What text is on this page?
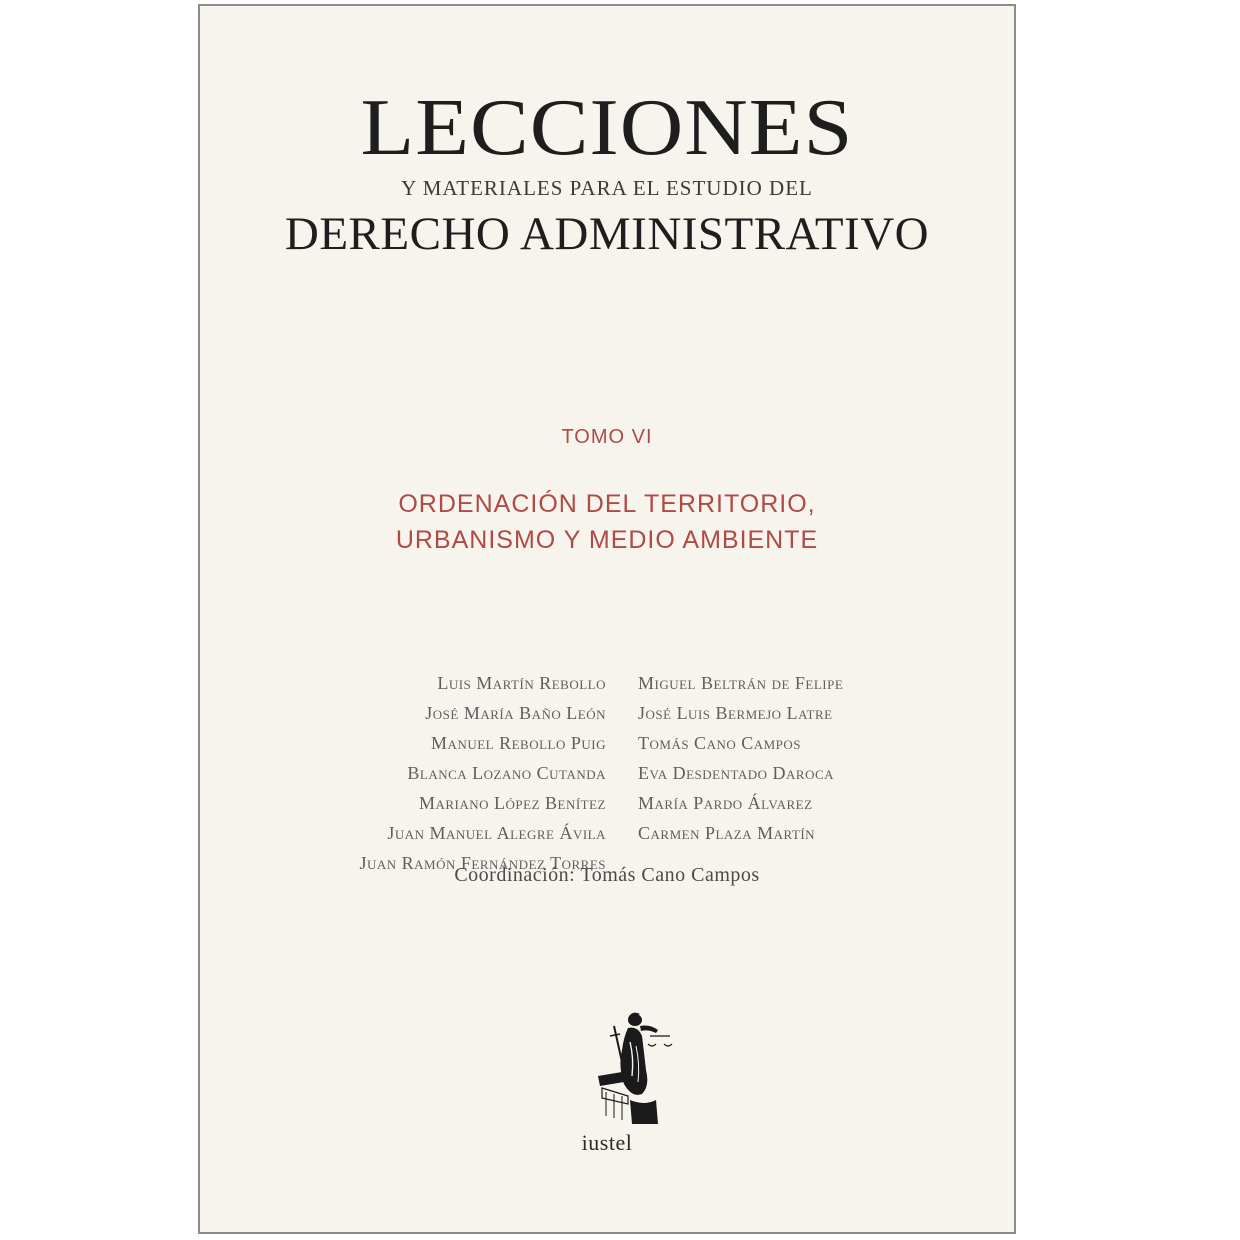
LECCIONES
Y MATERIALES PARA EL ESTUDIO DEL
DERECHO ADMINISTRATIVO
TOMO VI
ORDENACIÓN DEL TERRITORIO,
URBANISMO Y MEDIO AMBIENTE
Luis Martín Rebollo
José María Baño León
Manuel Rebollo Puig
Blanca Lozano Cutanda
Mariano López Benítez
Juan Manuel Alegre Ávila
Juan Ramón Fernández Torres
Miguel Beltrán de Felipe
José Luis Bermejo Latre
Tomás Cano Campos
Eva Desdentado Daroca
María Pardo Álvarez
Carmen Plaza Martín
Coordinación: Tomás Cano Campos
iustel
